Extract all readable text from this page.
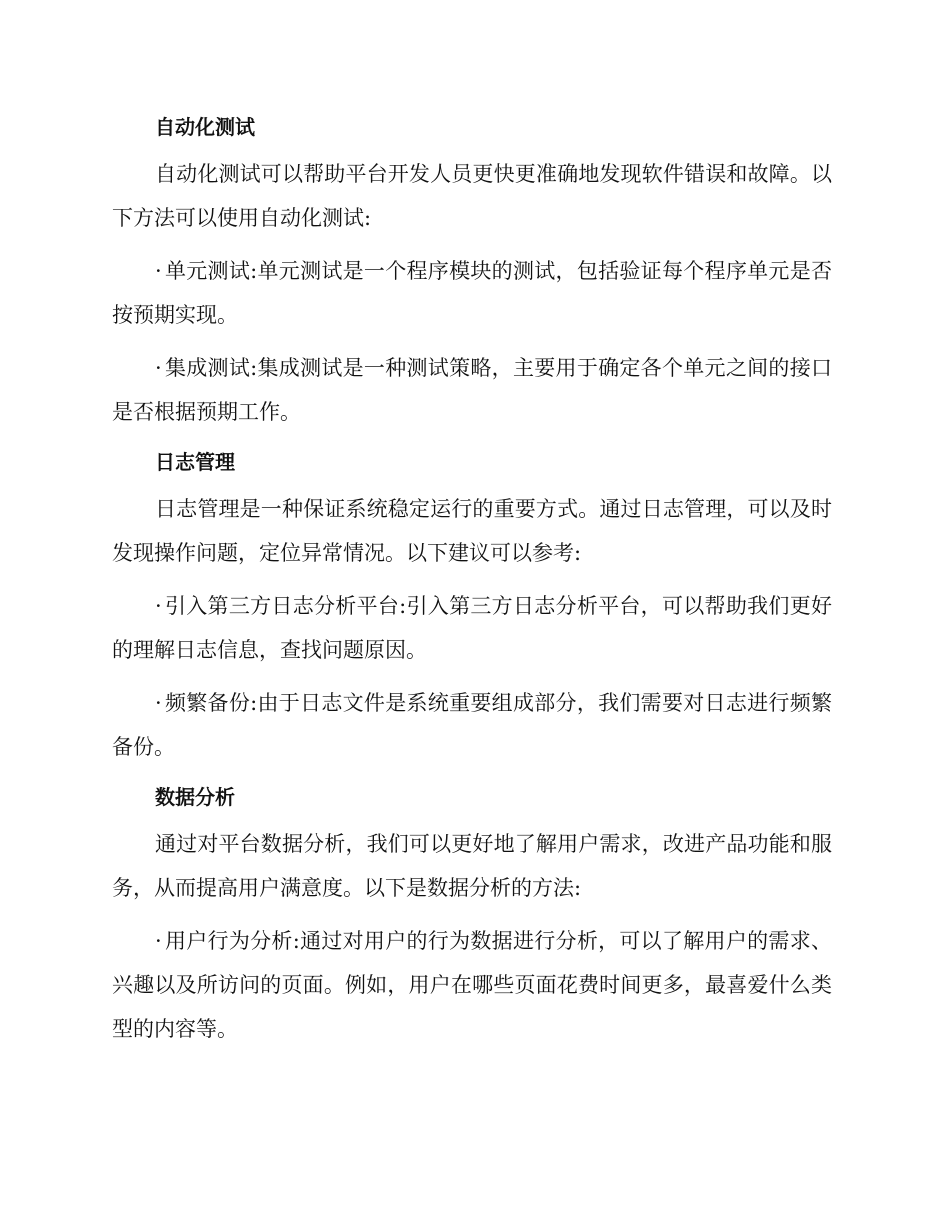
自动化测试

自动化测试可以帮助平台开发人员更快更准确地发现软件错误和故障。以下方法可以使用自动化测试:

· 单元测试:单元测试是一个程序模块的测试，包括验证每个程序单元是否按预期实现。

· 集成测试:集成测试是一种测试策略，主要用于确定各个单元之间的接口是否根据预期工作。

日志管理

日志管理是一种保证系统稳定运行的重要方式。通过日志管理，可以及时发现操作问题，定位异常情况。以下建议可以参考:

· 引入第三方日志分析平台:引入第三方日志分析平台，可以帮助我们更好的理解日志信息，查找问题原因。

· 频繁备份:由于日志文件是系统重要组成部分，我们需要对日志进行频繁备份。

数据分析

通过对平台数据分析，我们可以更好地了解用户需求，改进产品功能和服务，从而提高用户满意度。以下是数据分析的方法:

· 用户行为分析:通过对用户的行为数据进行分析，可以了解用户的需求、兴趣以及所访问的页面。例如，用户在哪些页面花费时间更多，最喜爱什么类型的内容等。
